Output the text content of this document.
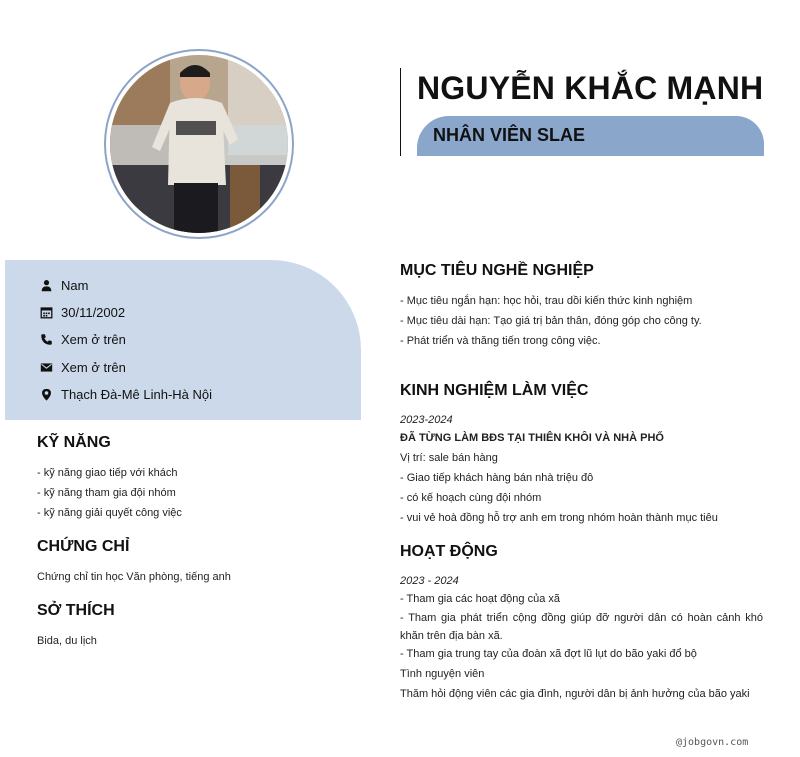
NGUYỄN KHẮC MẠNH
NHÂN VIÊN SLAE
Nam
30/11/2002
Xem ở trên
Xem ở trên
Thạch Đà-Mê Linh-Hà Nội
KỸ NĂNG
- kỹ năng giao tiếp với khách
- kỹ năng tham gia đội nhóm
- kỹ năng giải quyết công việc
CHỨNG CHỈ
Chứng chỉ tin học Văn phòng, tiếng anh
SỞ THÍCH
Bida, du lịch
MỤC TIÊU NGHỀ NGHIỆP
- Mục tiêu ngắn hạn: học hỏi, trau dồi kiến thức kinh nghiệm
- Mục tiêu dài hạn: Tạo giá trị bản thân, đóng góp cho công ty.
- Phát triển và thăng tiến trong công việc.
KINH NGHIỆM LÀM VIỆC
2023-2024
ĐÃ TỪNG LÀM BĐS TẠI THIÊN KHÔI VÀ NHÀ PHỐ
Vị trí: sale bán hàng
- Giao tiếp khách hàng bán nhà triệu đô
- có kế hoạch cùng đội nhóm
- vui vẻ hoà đồng hỗ trợ anh em trong nhóm hoàn thành mục tiêu
HOẠT ĐỘNG
2023 - 2024
- Tham gia các hoạt động của xã
- Tham gia phát triển cộng đồng giúp đỡ người dân có hoàn cảnh khó khăn trên địa bàn xã.
- Tham gia trung tay của đoàn xã đợt lũ lụt do bão yaki đổ bộ
Tình nguyện viên
Thăm hỏi động viên các gia đình, người dân bị ảnh hưởng của bão yaki
@jobgovn.com
